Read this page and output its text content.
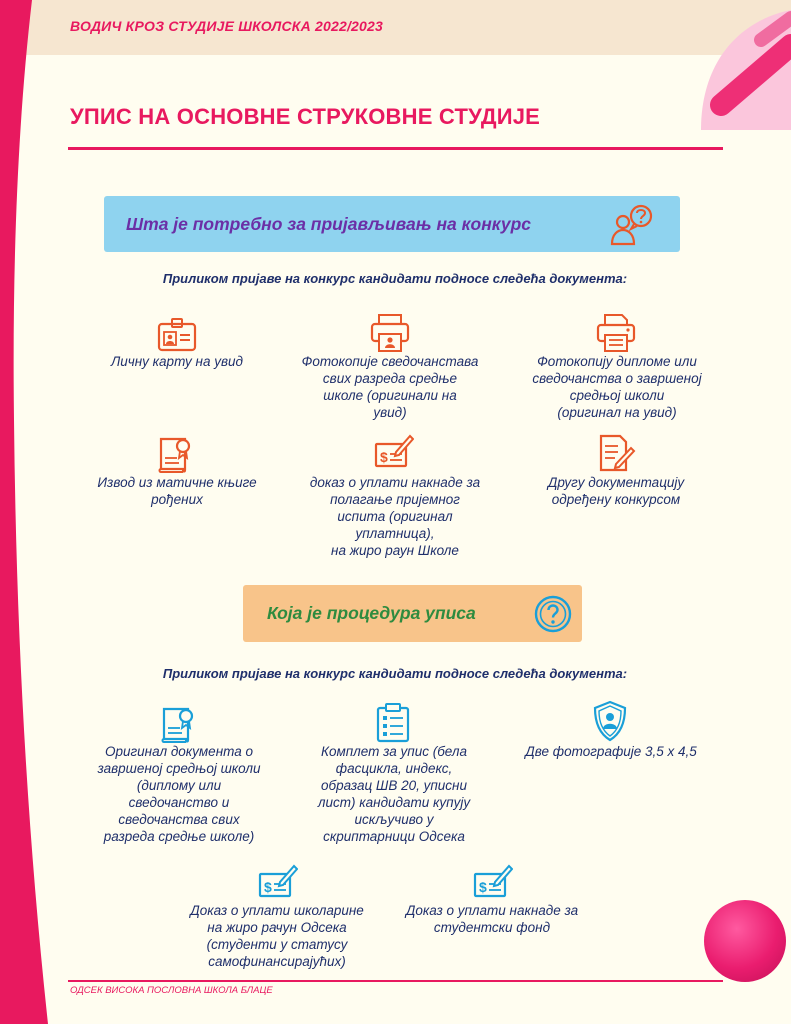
ВОДИЧ КРОЗ СТУДИЈЕ ШКОЛСКА 2022/2023
УПИС НА ОСНОВНЕ СТРУКОВНЕ СТУДИЈЕ
Шта је потребно за пријављивањ на конкурс
Приликом пријаве на конкурс кандидати подносе следећа документа:
$
Личну карту на увид	Фотокопије сведочанстава
свих разреда средње
школе (оригинали на
увид)
Фотокопију дипломе или
сведочанства о завршеној
средњој школи
(оригинал на увид)
Извод из матичне књиге
рођених
доказ о уплати накнаде за
полагање пријемног
испита (оригинал
уплатница),
на жиро раун Школе
Другу документацију
одређену конкурсом
Која је процедура уписа
Приликом пријаве на конкурс кандидати подносе следећа документа:
$	$
Оригинал документа о
завршеној средњој школи
(диплому или
сведочанство и
сведочанства свих
разреда средње школе)
Комплет за упис (бела
фасцикла, индекс,
образац ШВ 20, уписни
лист) кандидати купују
искључиво у
скриптарници Одсека
Две фотографије 3,5 х 4,5
Доказ о уплати школарине
на жиро рачун Одсека
(студенти у статусу
самофинансирајућих)
Доказ о уплати накнаде за
студентски фонд
ОДСЕК ВИСОКА ПОСЛОВНА ШКОЛА БЛАЦЕ
